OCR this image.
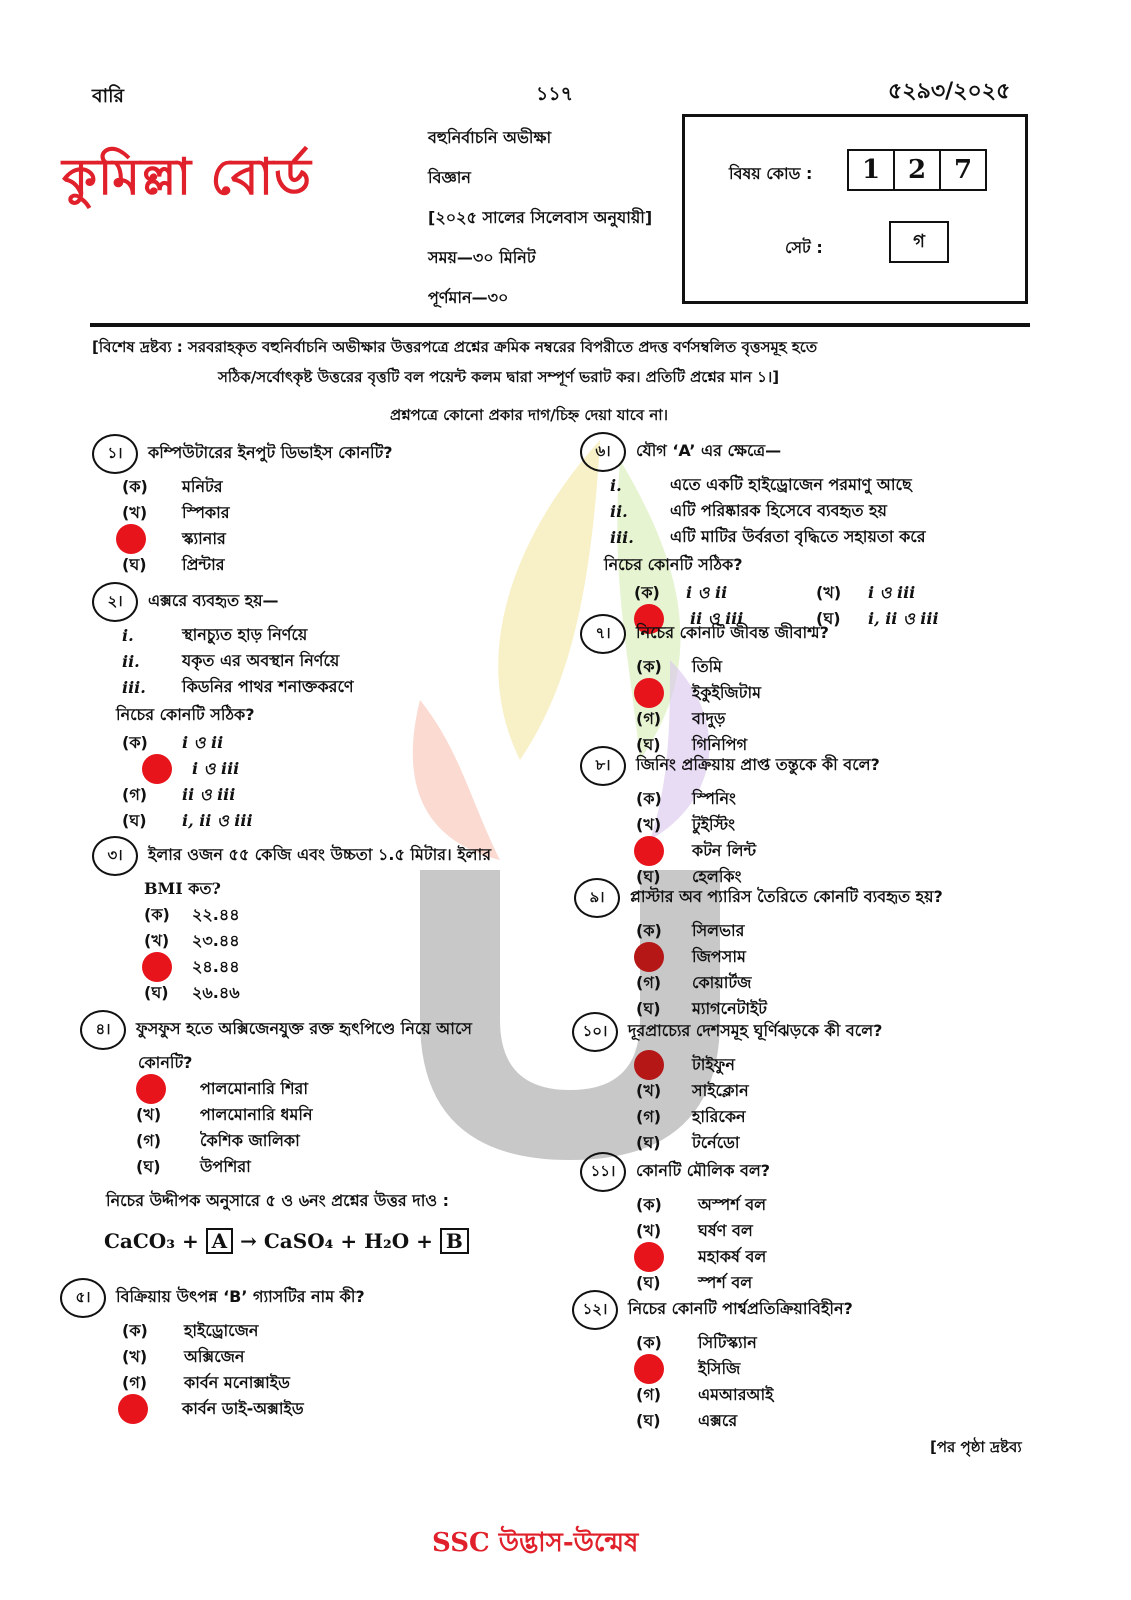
বারি	১১৭	৫২৯৩/২০২৫
কুমিল্লা বোর্ড
বহুনির্বাচনি অভীক্ষা
বিজ্ঞান
[২০২৫ সালের সিলেবাস অনুযায়ী]
সময়—৩০ মিনিট
পূর্ণমান—৩০
বিষয় কোড :	1 2 7
সেট :	গ
[বিশেষ দ্রষ্টব্য : সরবরাহকৃত বহুনির্বাচনি অভীক্ষার উত্তরপত্রে প্রশ্নের ক্রমিক নম্বরের বিপরীতে প্রদত্ত বর্ণসম্বলিত বৃত্তসমূহ হতে
সঠিক/সর্বোৎকৃষ্ট উত্তরের বৃত্তটি বল পয়েন্ট কলম দ্বারা সম্পূর্ণ ভরাট কর। প্রতিটি প্রশ্নের মান ১।]
প্রশ্নপত্রে কোনো প্রকার দাগ/চিহ্ন দেয়া যাবে না।
১।	কম্পিউটারের ইনপুট ডিভাইস কোনটি?
(ক)	মনিটর
(খ)	স্পিকার
স্ক্যানার
(ঘ)	প্রিন্টার
২।	এক্সরে ব্যবহৃত হয়—
i.	স্থানচ্যুত হাড় নির্ণয়ে
ii.	যকৃত এর অবস্থান নির্ণয়ে
iii.	কিডনির পাথর শনাক্তকরণে
নিচের কোনটি সঠিক?
(ক)	i ও ii
i ও iii
(গ)	ii ও iii
(ঘ)	i, ii ও iii
৩।	ইলার ওজন ৫৫ কেজি এবং উচ্চতা ১.৫ মিটার। ইলার
BMI কত?
(ক)	২২.৪৪
(খ)	২৩.৪৪
২৪.৪৪
(ঘ)	২৬.৪৬
৪।	ফুসফুস হতে অক্সিজেনযুক্ত রক্ত হৃৎপিণ্ডে নিয়ে আসে
কোনটি?
পালমোনারি শিরা
(খ)	পালমোনারি ধমনি
(গ)	কৈশিক জালিকা
(ঘ)	উপশিরা
নিচের উদ্দীপক অনুসারে ৫ ও ৬নং প্রশ্নের উত্তর দাও :
CaCO₃ + A → CaSO₄ + H₂O + B
৫।	বিক্রিয়ায় উৎপন্ন ‘B’ গ্যাসটির নাম কী?
(ক)	হাইড্রোজেন
(খ)	অক্সিজেন
(গ)	কার্বন মনোক্সাইড
কার্বন ডাই-অক্সাইড
৬।	যৌগ ‘A’ এর ক্ষেত্রে—
i.	এতে একটি হাইড্রোজেন পরমাণু আছে
ii.	এটি পরিষ্কারক হিসেবে ব্যবহৃত হয়
iii.	এটি মাটির উর্বরতা বৃদ্ধিতে সহায়তা করে
নিচের কোনটি সঠিক?
(ক)	i ও ii	(খ)	i ও iii
ii ও iii	(ঘ)	i, ii ও iii
৭।	নিচের কোনটি জীবন্ত জীবাশ্ম?
(ক)	তিমি
ইকুইজিটাম
(গ)	বাদুড়
(ঘ)	গিনিপিগ
৮।	জিনিং প্রক্রিয়ায় প্রাপ্ত তন্তুকে কী বলে?
(ক)	স্পিনিং
(খ)	টুইস্টিং
কটন লিন্ট
(ঘ)	হেলকিং
৯।	প্লাস্টার অব প্যারিস তৈরিতে কোনটি ব্যবহৃত হয়?
(ক)	সিলভার
জিপসাম
(গ)	কোয়ার্টজ
(ঘ)	ম্যাগনেটাইট
১০।	দূরপ্রাচ্যের দেশসমূহ ঘূর্ণিঝড়কে কী বলে?
টাইফুন
(খ)	সাইক্লোন
(গ)	হারিকেন
(ঘ)	টর্নেডো
১১।	কোনটি মৌলিক বল?
(ক)	অস্পর্শ বল
(খ)	ঘর্ষণ বল
মহাকর্ষ বল
(ঘ)	স্পর্শ বল
১২।	নিচের কোনটি পার্শ্বপ্রতিক্রিয়াবিহীন?
(ক)	সিটিস্ক্যান
ইসিজি
(গ)	এমআরআই
(ঘ)	এক্সরে
[পর পৃষ্ঠা দ্রষ্টব্য
SSC উদ্ভাস-উন্মেষ
